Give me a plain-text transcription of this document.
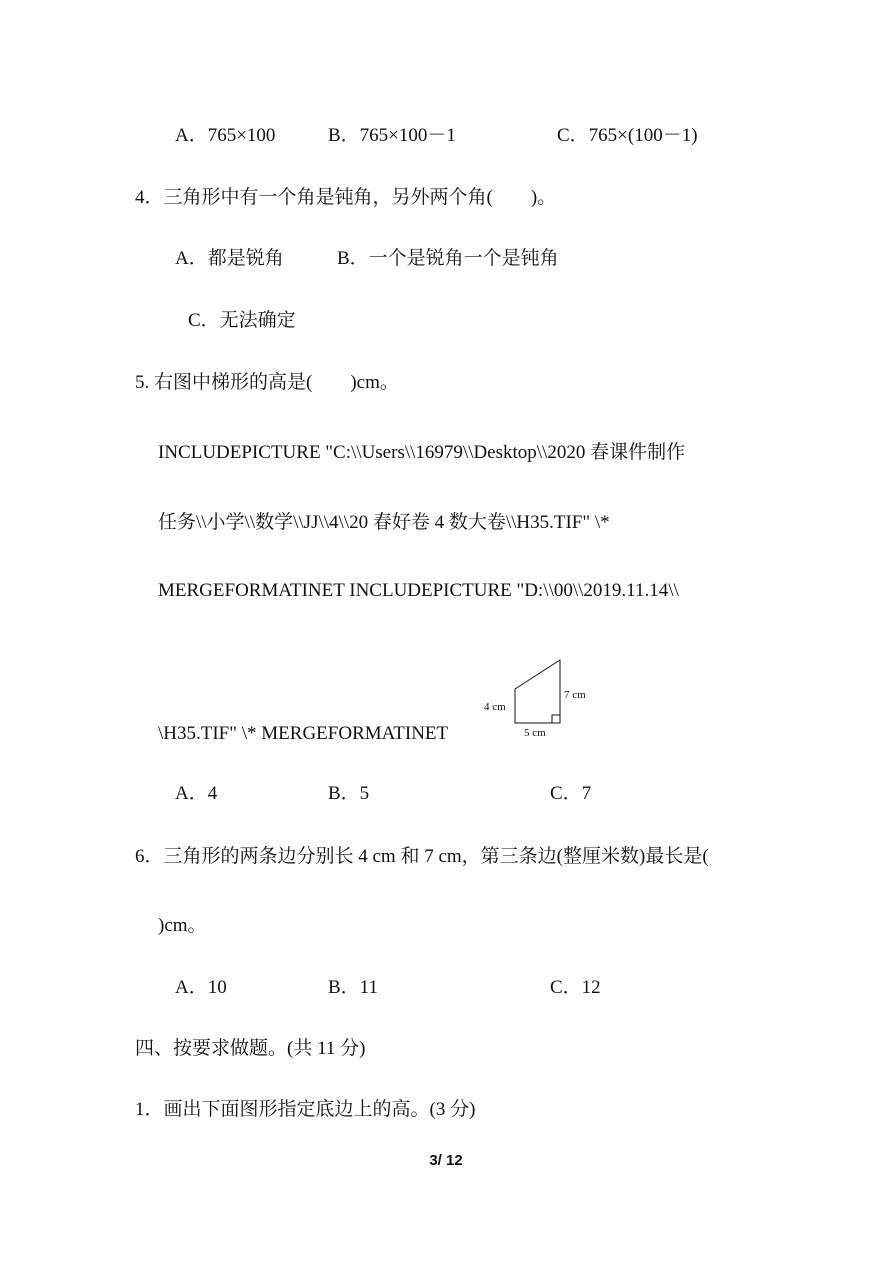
A．765×100	B．765×100－1	C．765×(100－1)
4．三角形中有一个角是钝角，另外两个角(　　)。
A．都是锐角	B．一个是锐角一个是钝角
C．无法确定
5. 右图中梯形的高是(　　)cm。
INCLUDEPICTURE "C:\\Users\\16979\\Desktop\\2020 春课件制作
任务\\小学\\数学\\JJ\\4\\20 春好卷 4 数大卷\\H35.TIF" \*
MERGEFORMATINET INCLUDEPICTURE "D:\\00\\2019.11.14\\
\H35.TIF" \* MERGEFORMATINET
4 cm
7 cm
5 cm
A．4	B．5	C．7
6．三角形的两条边分别长 4 cm 和 7 cm，第三条边(整厘米数)最长是(
)cm。
A．10	B．11	C．12
四、按要求做题。(共 11 分)
1．画出下面图形指定底边上的高。(3 分)
3/ 12
